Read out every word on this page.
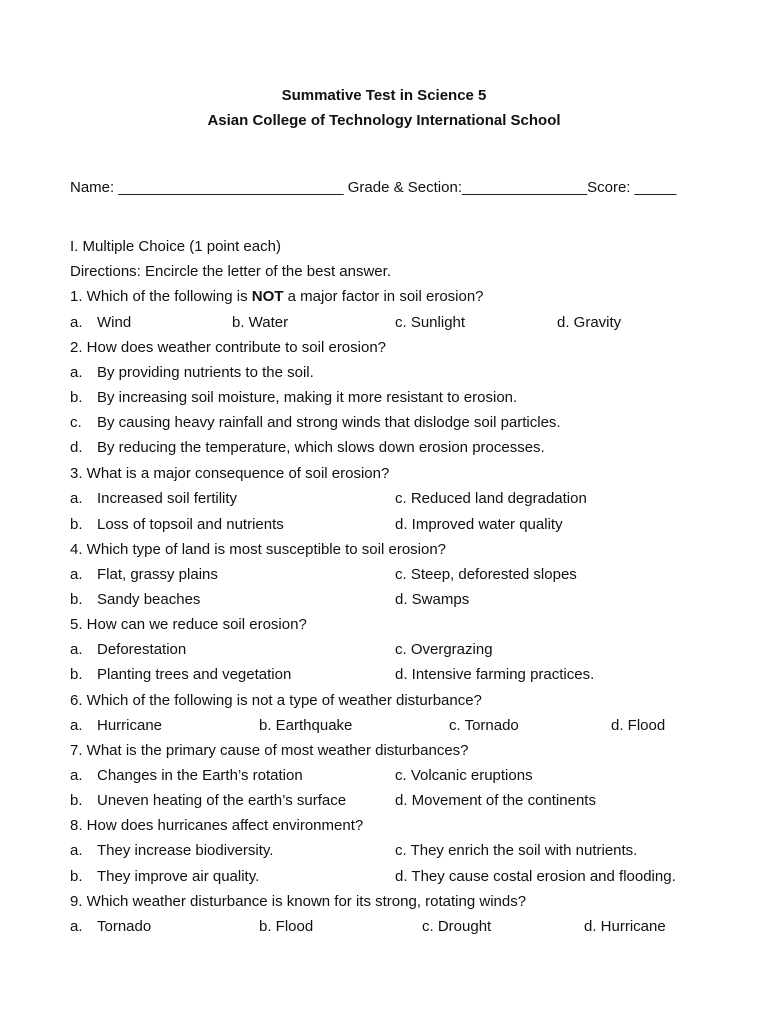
Summative Test in Science 5
Asian College of Technology International School
Name: ___________________________ Grade & Section:_______________Score: _____
I. Multiple Choice (1 point each)
Directions: Encircle the letter of the best answer.
1. Which of the following is NOT a major factor in soil erosion?
a. Wind	b. Water	c. Sunlight	d. Gravity
2. How does weather contribute to soil erosion?
a. By providing nutrients to the soil.
b. By increasing soil moisture, making it more resistant to erosion.
c. By causing heavy rainfall and strong winds that dislodge soil particles.
d. By reducing the temperature, which slows down erosion processes.
3. What is a major consequence of soil erosion?
a. Increased soil fertility	c. Reduced land degradation
b. Loss of topsoil and nutrients	d. Improved water quality
4. Which type of land is most susceptible to soil erosion?
a. Flat, grassy plains	c. Steep, deforested slopes
b. Sandy beaches	d. Swamps
5. How can we reduce soil erosion?
a. Deforestation	c. Overgrazing
b. Planting trees and vegetation	d. Intensive farming practices.
6. Which of the following is not a type of weather disturbance?
a. Hurricane	b. Earthquake	c. Tornado	d. Flood
7. What is the primary cause of most weather disturbances?
a. Changes in the Earth’s rotation	c. Volcanic eruptions
b. Uneven heating of the earth’s surface	d. Movement of the continents
8. How does hurricanes affect environment?
a. They increase biodiversity.	c. They enrich the soil with nutrients.
b. They improve air quality.	d. They cause costal erosion and flooding.
9. Which weather disturbance is known for its strong, rotating winds?
a. Tornado	b. Flood	c. Drought	d. Hurricane
